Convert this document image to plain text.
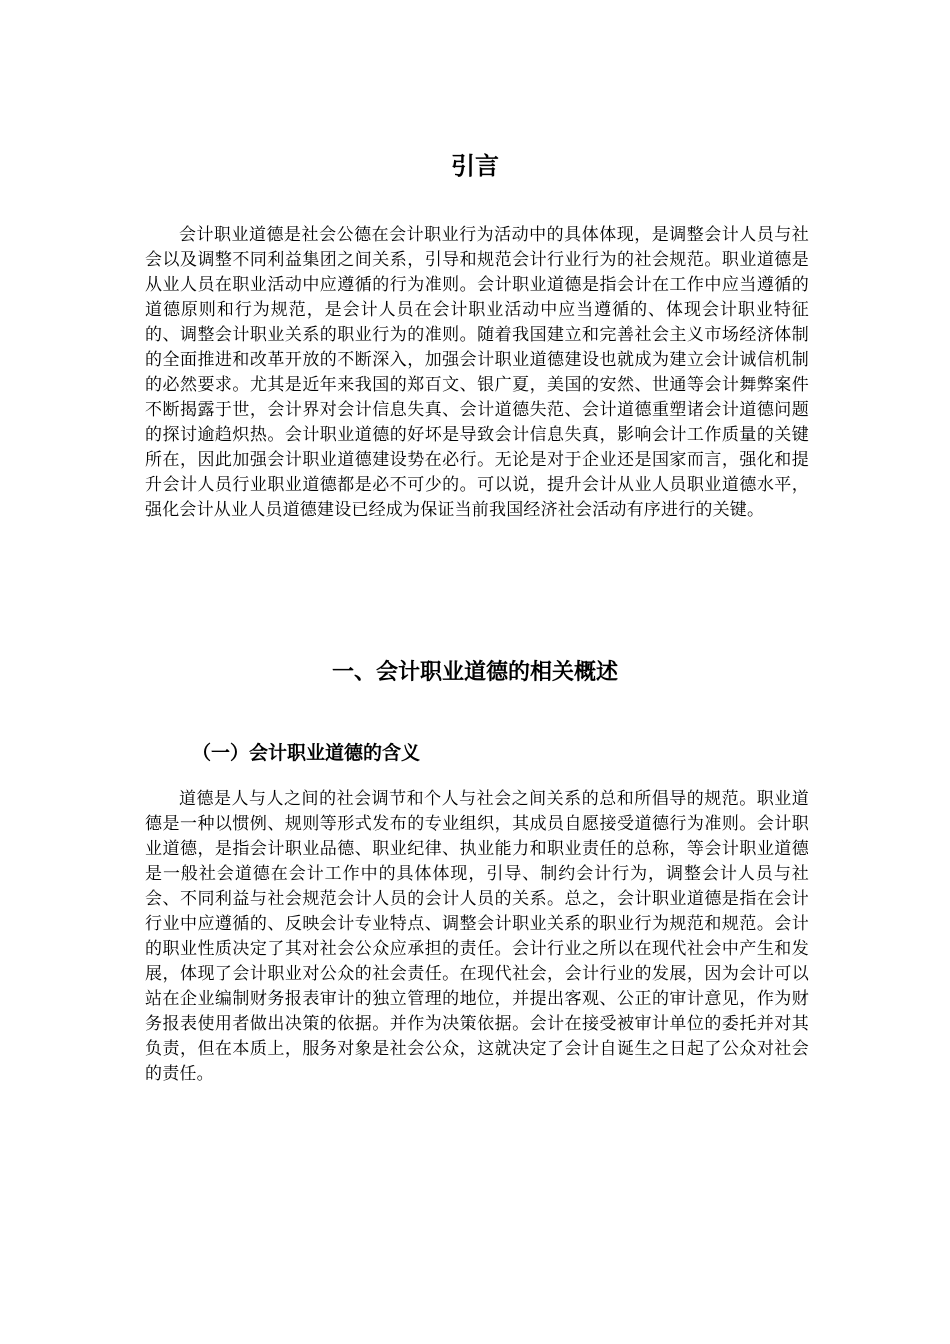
引言

会计职业道德是社会公德在会计职业行为活动中的具体体现，是调整会计人员与社会以及调整不同利益集团之间关系，引导和规范会计行业行为的社会规范。职业道德是从业人员在职业活动中应遵循的行为准则。会计职业道德是指会计在工作中应当遵循的道德原则和行为规范，是会计人员在会计职业活动中应当遵循的、体现会计职业特征的、调整会计职业关系的职业行为的准则。随着我国建立和完善社会主义市场经济体制的全面推进和改革开放的不断深入，加强会计职业道德建设也就成为建立会计诚信机制的必然要求。尤其是近年来我国的郑百文、银广夏，美国的安然、世通等会计舞弊案件不断揭露于世，会计界对会计信息失真、会计道德失范、会计道德重塑诸会计道德问题的探讨逾趋炽热。会计职业道德的好坏是导致会计信息失真，影响会计工作质量的关键所在，因此加强会计职业道德建设势在必行。无论是对于企业还是国家而言，强化和提升会计人员行业职业道德都是必不可少的。可以说，提升会计从业人员职业道德水平，强化会计从业人员道德建设已经成为保证当前我国经济社会活动有序进行的关键。

一、会计职业道德的相关概述
（一）会计职业道德的含义

道德是人与人之间的社会调节和个人与社会之间关系的总和所倡导的规范。职业道德是一种以惯例、规则等形式发布的专业组织，其成员自愿接受道德行为准则。会计职业道德，是指会计职业品德、职业纪律、执业能力和职业责任的总称，等会计职业道德是一般社会道德在会计工作中的具体体现，引导、制约会计行为，调整会计人员与社会、不同利益与社会规范会计人员的会计人员的关系。总之，会计职业道德是指在会计行业中应遵循的、反映会计专业特点、调整会计职业关系的职业行为规范和规范。会计的职业性质决定了其对社会公众应承担的责任。会计行业之所以在现代社会中产生和发展，体现了会计职业对公众的社会责任。在现代社会，会计行业的发展，因为会计可以站在企业编制财务报表审计的独立管理的地位，并提出客观、公正的审计意见，作为财务报表使用者做出决策的依据。并作为决策依据。会计在接受被审计单位的委托并对其负责，但在本质上，服务对象是社会公众，这就决定了会计自诞生之日起了公众对社会的责任。
